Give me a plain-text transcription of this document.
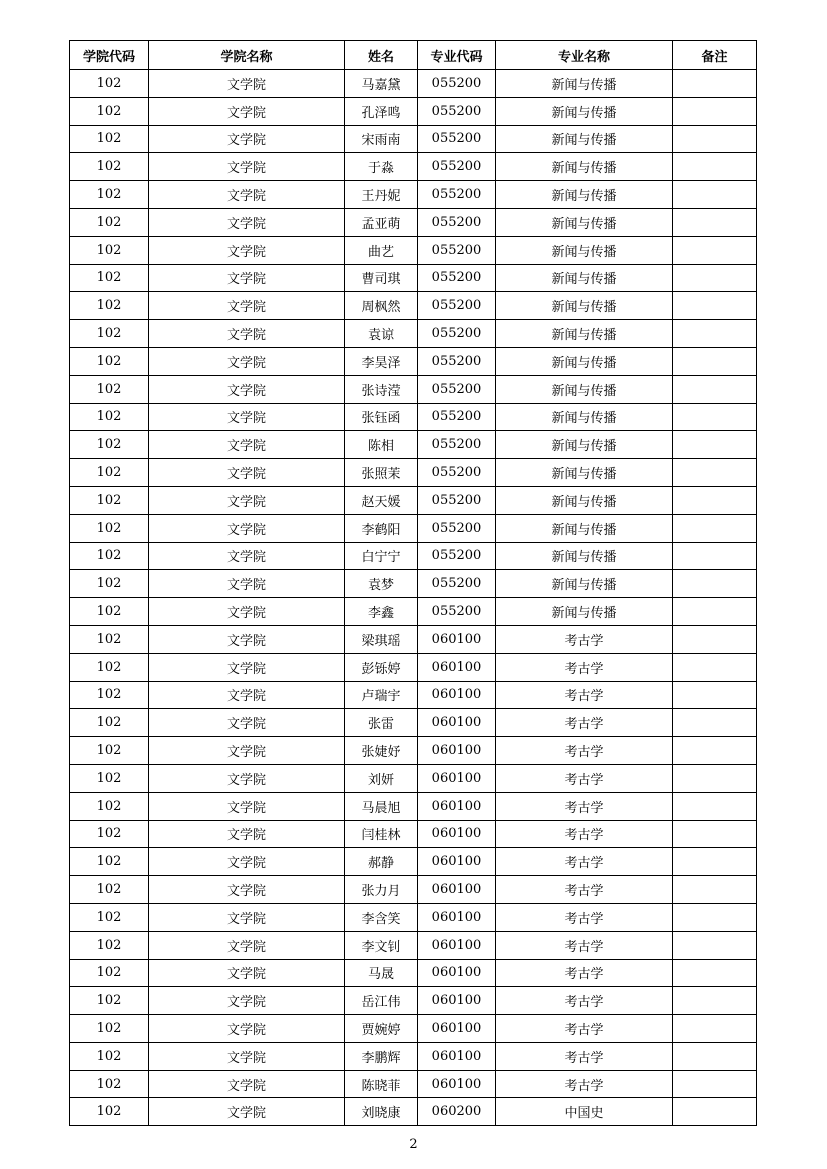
学院代码	学院名称	姓名	专业代码	专业名称	备注
102	文学院	马嘉黛	055200	新闻与传播	
102	文学院	孔泽鸣	055200	新闻与传播	
102	文学院	宋雨南	055200	新闻与传播	
102	文学院	于淼	055200	新闻与传播	
102	文学院	王丹妮	055200	新闻与传播	
102	文学院	孟亚萌	055200	新闻与传播	
102	文学院	曲艺	055200	新闻与传播	
102	文学院	曹司琪	055200	新闻与传播	
102	文学院	周枫然	055200	新闻与传播	
102	文学院	袁谅	055200	新闻与传播	
102	文学院	李昊泽	055200	新闻与传播	
102	文学院	张诗滢	055200	新闻与传播	
102	文学院	张钰函	055200	新闻与传播	
102	文学院	陈相	055200	新闻与传播	
102	文学院	张照茉	055200	新闻与传播	
102	文学院	赵天媛	055200	新闻与传播	
102	文学院	李鹤阳	055200	新闻与传播	
102	文学院	白宁宁	055200	新闻与传播	
102	文学院	袁梦	055200	新闻与传播	
102	文学院	李鑫	055200	新闻与传播	
102	文学院	梁琪瑶	060100	考古学	
102	文学院	彭铄婷	060100	考古学	
102	文学院	卢瑞宇	060100	考古学	
102	文学院	张雷	060100	考古学	
102	文学院	张婕妤	060100	考古学	
102	文学院	刘妍	060100	考古学	
102	文学院	马晨旭	060100	考古学	
102	文学院	闫桂林	060100	考古学	
102	文学院	郝静	060100	考古学	
102	文学院	张力月	060100	考古学	
102	文学院	李含笑	060100	考古学	
102	文学院	李文钊	060100	考古学	
102	文学院	马晟	060100	考古学	
102	文学院	岳江伟	060100	考古学	
102	文学院	贾婉婷	060100	考古学	
102	文学院	李鹏辉	060100	考古学	
102	文学院	陈晓菲	060100	考古学	
102	文学院	刘晓康	060200	中国史	
2
